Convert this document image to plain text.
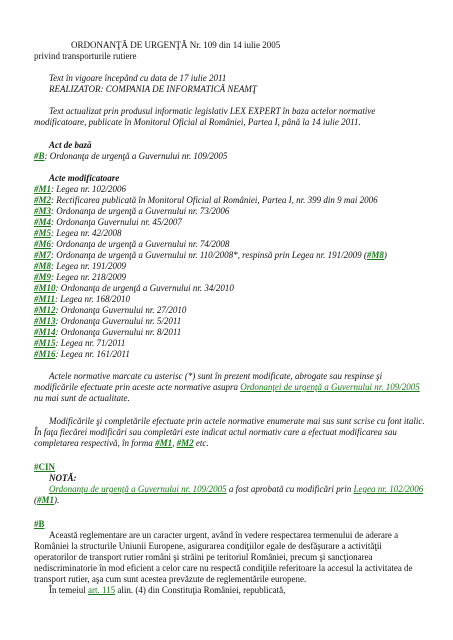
ORDONANŢĂ DE URGENŢĂ Nr. 109 din 14 iulie 2005
privind transporturile rutiere
Text în vigoare începând cu data de 17 iulie 2011
REALIZATOR: COMPANIA DE INFORMATICĂ NEAMŢ
Text actualizat prin produsul informatic legislativ LEX EXPERT în baza actelor normative modificatoare, publicate în Monitorul Oficial al României, Partea I, până la 14 iulie 2011.
Act de bază
#B: Ordonanţa de urgenţă a Guvernului nr. 109/2005
Acte modificatoare
#M1: Legea nr. 102/2006
#M2: Rectificarea publicată în Monitorul Oficial al României, Partea I, nr. 399 din 9 mai 2006
#M3: Ordonanţa de urgenţă a Guvernului nr. 73/2006
#M4: Ordonanţa Guvernului nr. 45/2007
#M5: Legea nr. 42/2008
#M6: Ordonanţa de urgenţă a Guvernului nr. 74/2008
#M7: Ordonanţa de urgenţă a Guvernului nr. 110/2008*, respinsă prin Legea nr. 191/2009 (#M8)
#M8: Legea nr. 191/2009
#M9: Legea nr. 218/2009
#M10: Ordonanţa de urgenţă a Guvernului nr. 34/2010
#M11: Legea nr. 168/2010
#M12: Ordonanţa Guvernului nr. 27/2010
#M13: Ordonanţa Guvernului nr. 5/2011
#M14: Ordonanţa Guvernului nr. 8/2011
#M15: Legea nr. 71/2011
#M16: Legea nr. 161/2011
Actele normative marcate cu asterisc (*) sunt în prezent modificate, abrogate sau respinse şi modificările efectuate prin aceste acte normative asupra Ordonanţei de urgenţă a Guvernului nr. 109/2005 nu mai sunt de actualitate.
Modificările şi completările efectuate prin actele normative enumerate mai sus sunt scrise cu font italic. În faţa fiecărei modificări sau completări este indicat actul normativ care a efectuat modificarea sau completarea respectivă, în forma #M1, #M2 etc.
#CIN
NOTĂ:
Ordonanţa de urgenţă a Guvernului nr. 109/2005 a fost aprobată cu modificări prin Legea nr. 102/2006 (#M1).
#B
Această reglementare are un caracter urgent, având în vedere respectarea termenului de aderare a României la structurile Uniunii Europene, asigurarea condiţiilor egale de desfăşurare a activităţii operatorilor de transport rutier români şi străini pe teritoriul României, precum şi sancţionarea nediscriminatorie în mod eficient a celor care nu respectă condiţiile referitoare la accesul la activitatea de transport rutier, aşa cum sunt acestea prevăzute de reglementările europene.
În temeiul art. 115 alin. (4) din Constituţia României, republicată,
